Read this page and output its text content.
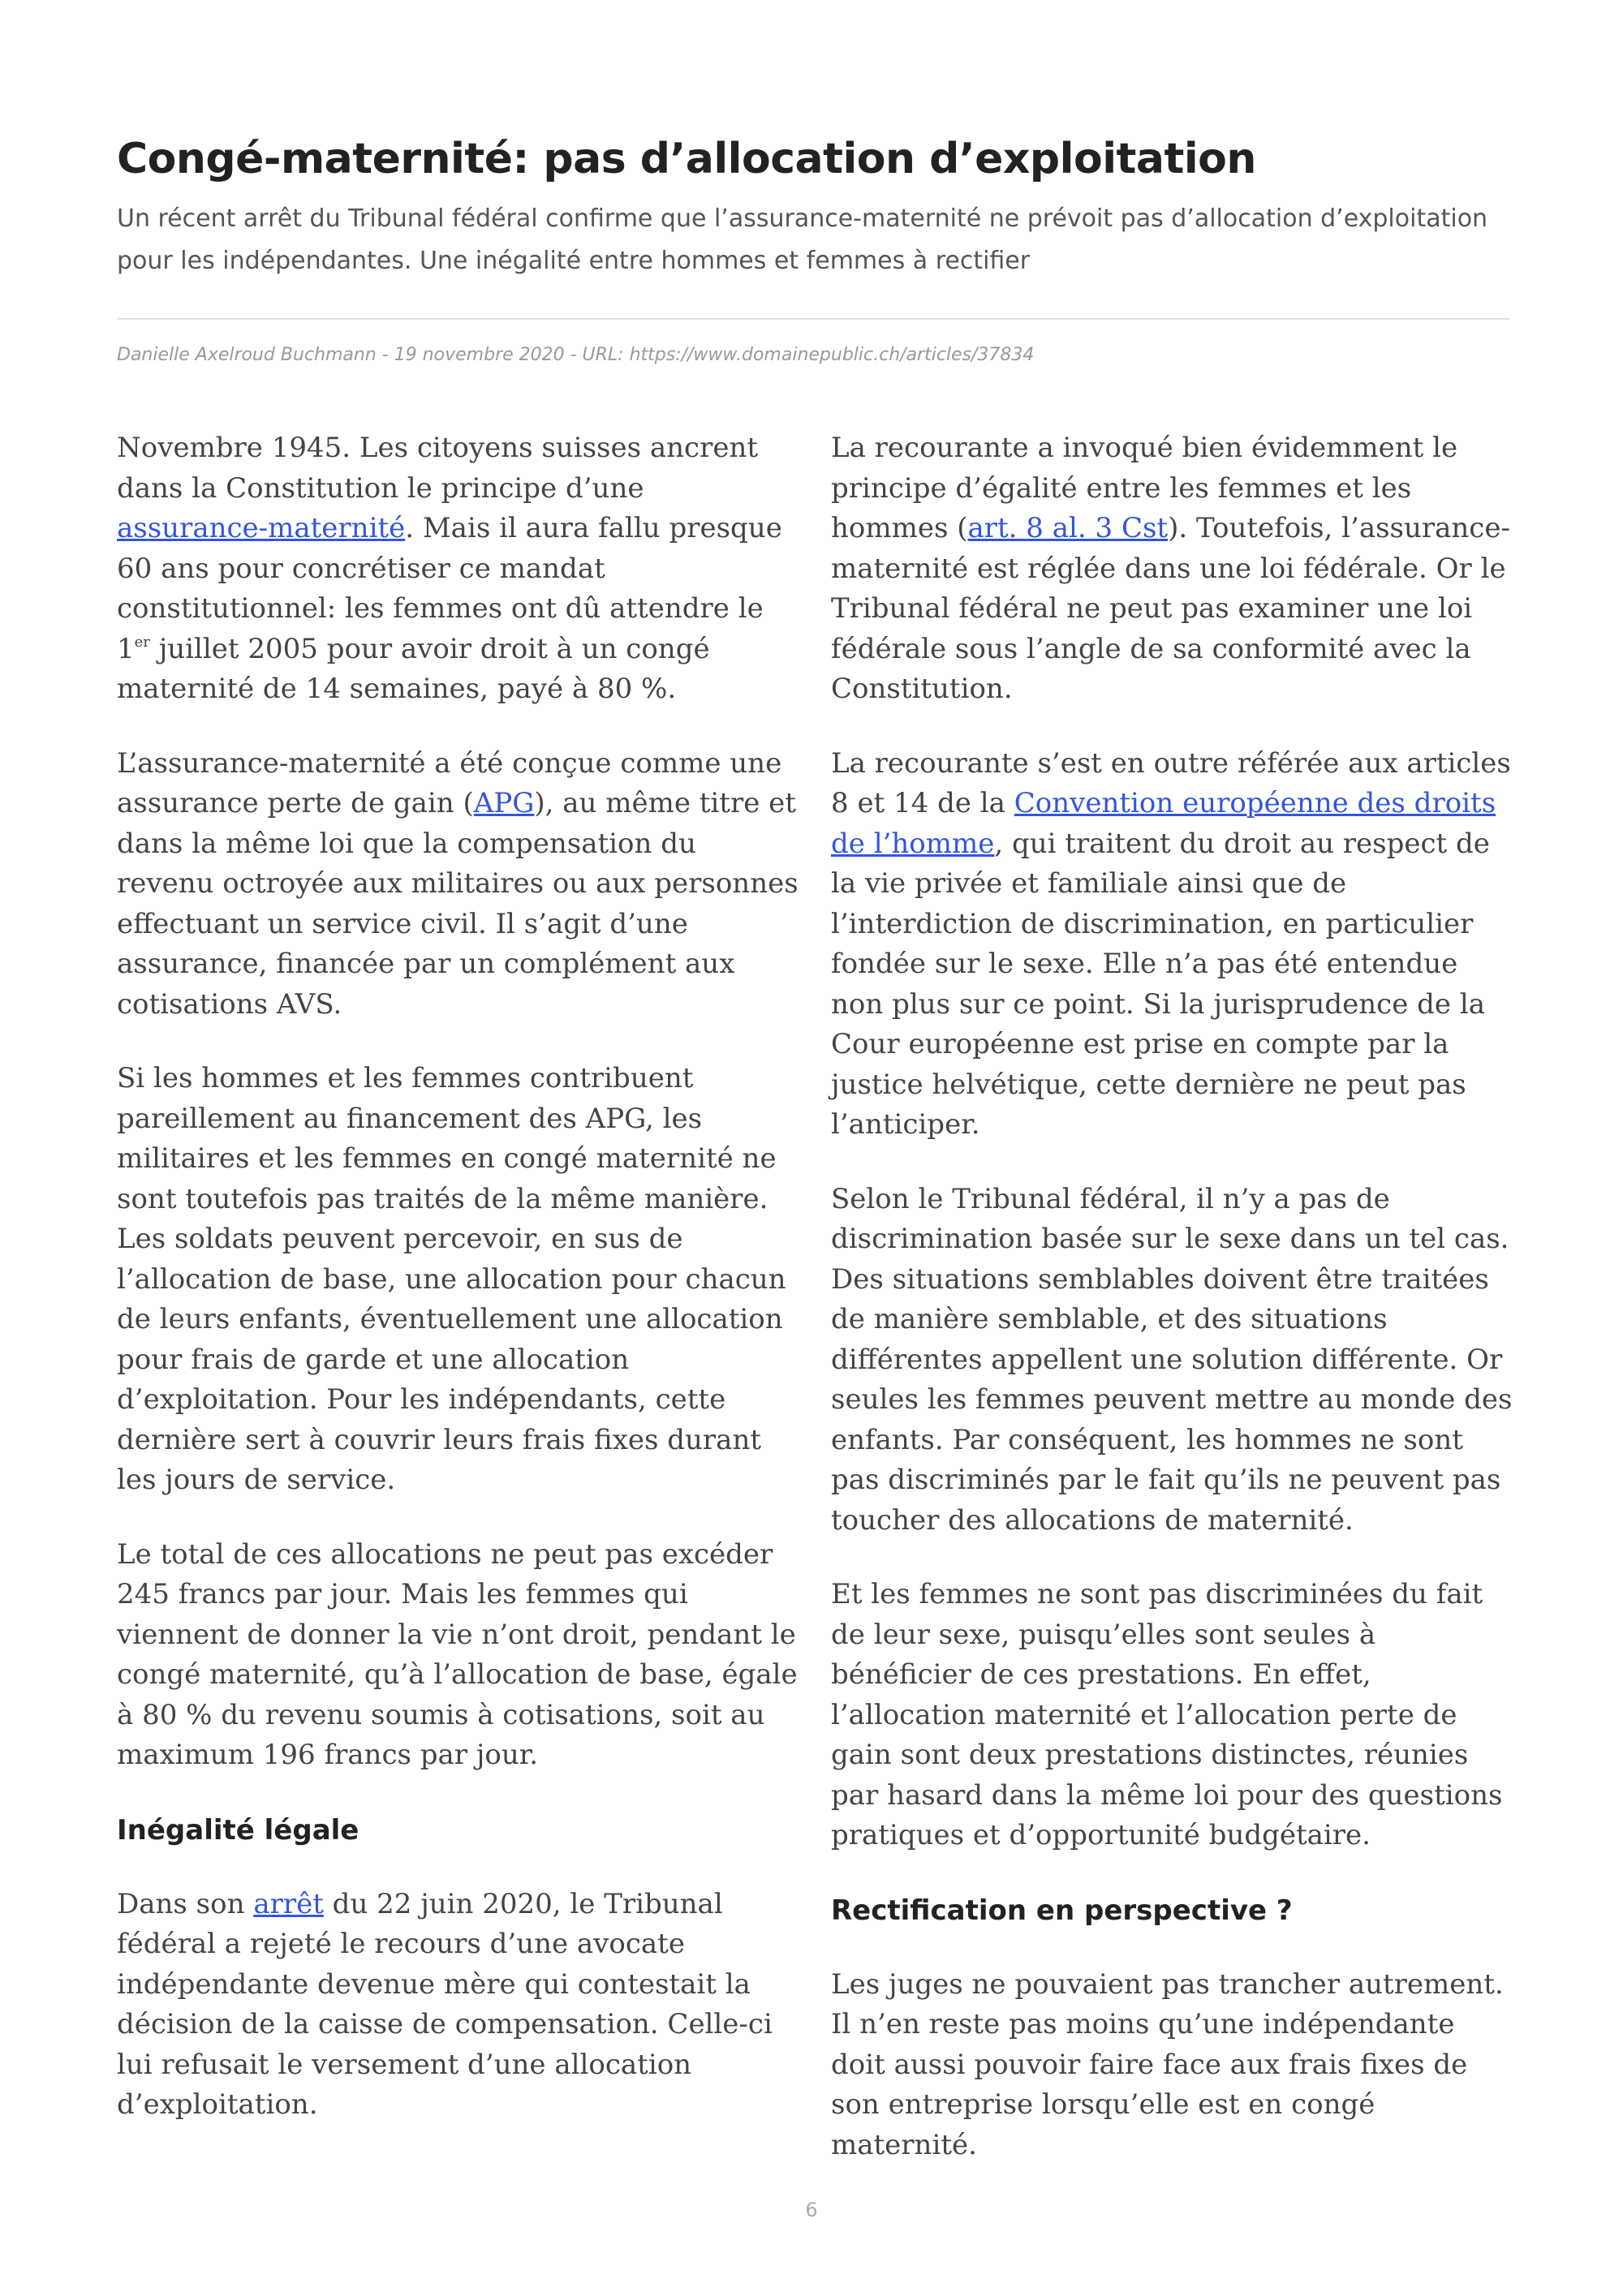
Congé-maternité: pas d’allocation d’exploitation

Un récent arrêt du Tribunal fédéral confirme que l’assurance-maternité ne prévoit pas d’allocation d’exploitation pour les indépendantes. Une inégalité entre hommes et femmes à rectifier

Danielle Axelroud Buchmann - 19 novembre 2020 - URL: https://www.domainepublic.ch/articles/37834

Novembre 1945. Les citoyens suisses ancrent dans la Constitution le principe d’une assurance-maternité. Mais il aura fallu presque 60 ans pour concrétiser ce mandat constitutionnel: les femmes ont dû attendre le 1er juillet 2005 pour avoir droit à un congé maternité de 14 semaines, payé à 80 %.

L’assurance-maternité a été conçue comme une assurance perte de gain (APG), au même titre et dans la même loi que la compensation du revenu octroyée aux militaires ou aux personnes effectuant un service civil. Il s’agit d’une assurance, financée par un complément aux cotisations AVS.

Si les hommes et les femmes contribuent pareillement au financement des APG, les militaires et les femmes en congé maternité ne sont toutefois pas traités de la même manière. Les soldats peuvent percevoir, en sus de l’allocation de base, une allocation pour chacun de leurs enfants, éventuellement une allocation pour frais de garde et une allocation d’exploitation. Pour les indépendants, cette dernière sert à couvrir leurs frais fixes durant les jours de service.

Le total de ces allocations ne peut pas excéder 245 francs par jour. Mais les femmes qui viennent de donner la vie n’ont droit, pendant le congé maternité, qu’à l’allocation de base, égale à 80 % du revenu soumis à cotisations, soit au maximum 196 francs par jour.

Inégalité légale

Dans son arrêt du 22 juin 2020, le Tribunal fédéral a rejeté le recours d’une avocate indépendante devenue mère qui contestait la décision de la caisse de compensation. Celle-ci lui refusait le versement d’une allocation d’exploitation.

La recourante a invoqué bien évidemment le principe d’égalité entre les femmes et les hommes (art. 8 al. 3 Cst). Toutefois, l’assurance-maternité est réglée dans une loi fédérale. Or le Tribunal fédéral ne peut pas examiner une loi fédérale sous l’angle de sa conformité avec la Constitution.

La recourante s’est en outre référée aux articles 8 et 14 de la Convention européenne des droits de l’homme, qui traitent du droit au respect de la vie privée et familiale ainsi que de l’interdiction de discrimination, en particulier fondée sur le sexe. Elle n’a pas été entendue non plus sur ce point. Si la jurisprudence de la Cour européenne est prise en compte par la justice helvétique, cette dernière ne peut pas l’anticiper.

Selon le Tribunal fédéral, il n’y a pas de discrimination basée sur le sexe dans un tel cas. Des situations semblables doivent être traitées de manière semblable, et des situations différentes appellent une solution différente. Or seules les femmes peuvent mettre au monde des enfants. Par conséquent, les hommes ne sont pas discriminés par le fait qu’ils ne peuvent pas toucher des allocations de maternité.

Et les femmes ne sont pas discriminées du fait de leur sexe, puisqu’elles sont seules à bénéficier de ces prestations. En effet, l’allocation maternité et l’allocation perte de gain sont deux prestations distinctes, réunies par hasard dans la même loi pour des questions pratiques et d’opportunité budgétaire.

Rectification en perspective ?

Les juges ne pouvaient pas trancher autrement. Il n’en reste pas moins qu’une indépendante doit aussi pouvoir faire face aux frais fixes de son entreprise lorsqu’elle est en congé maternité.

6
